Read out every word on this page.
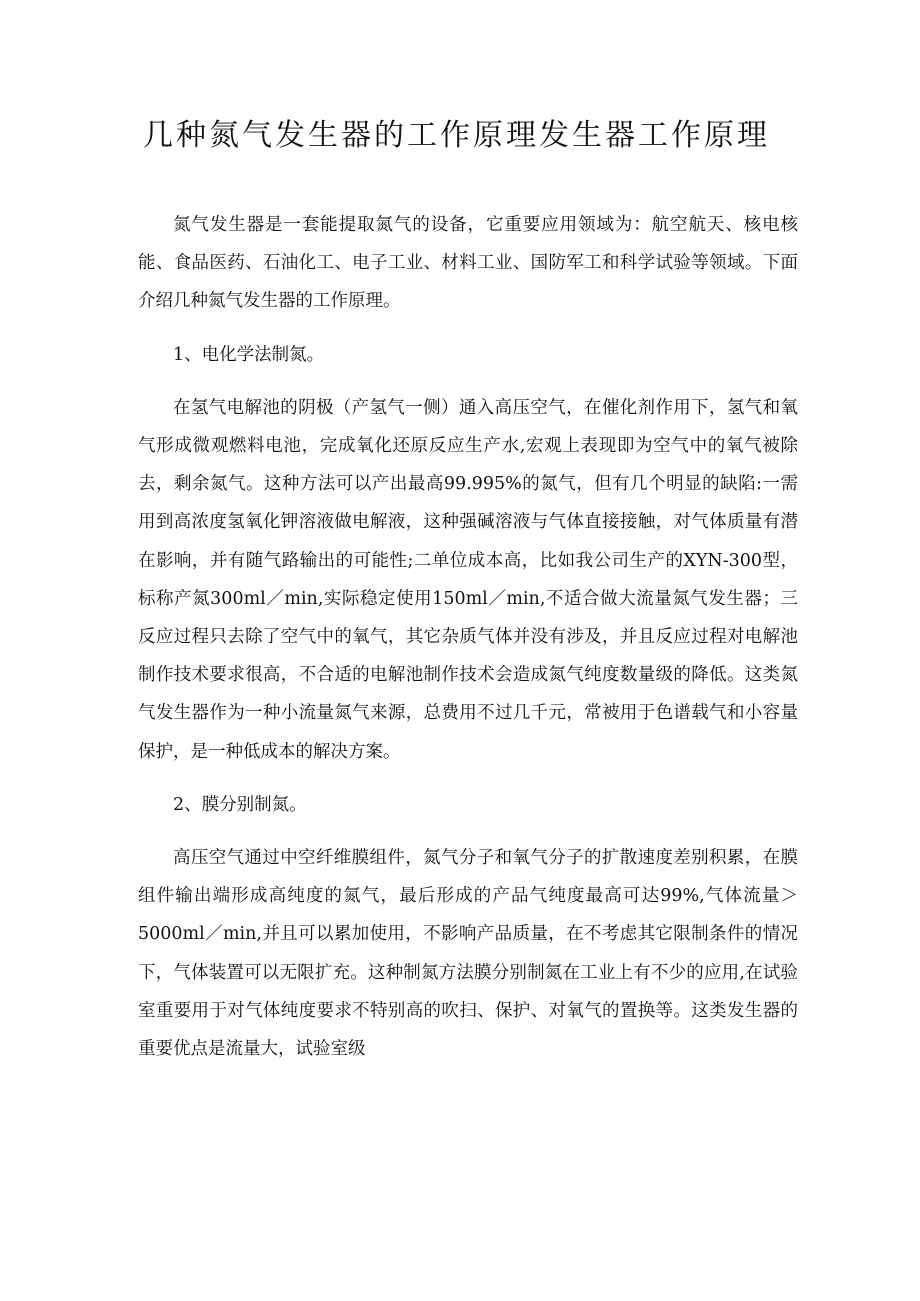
几种氮气发生器的工作原理发生器工作原理

氮气发生器是一套能提取氮气的设备，它重要应用领域为：航空航天、核电核能、食品医药、石油化工、电子工业、材料工业、国防军工和科学试验等领域。下面介绍几种氮气发生器的工作原理。

1、电化学法制氮。

在氢气电解池的阴极（产氢气一侧）通入高压空气，在催化剂作用下，氢气和氧气形成微观燃料电池，完成氧化还原反应生产水,宏观上表现即为空气中的氧气被除去，剩余氮气。这种方法可以产出最高99.995%的氮气，但有几个明显的缺陷:一需用到高浓度氢氧化钾溶液做电解液，这种强碱溶液与气体直接接触，对气体质量有潜在影响，并有随气路输出的可能性;二单位成本高，比如我公司生产的XYN-300型，标称产氮300ml／min,实际稳定使用150ml／min,不适合做大流量氮气发生器；三反应过程只去除了空气中的氧气，其它杂质气体并没有涉及，并且反应过程对电解池制作技术要求很高，不合适的电解池制作技术会造成氮气纯度数量级的降低。这类氮气发生器作为一种小流量氮气来源，总费用不过几千元，常被用于色谱载气和小容量保护，是一种低成本的解决方案。

2、膜分别制氮。

高压空气通过中空纤维膜组件，氮气分子和氧气分子的扩散速度差别积累，在膜组件输出端形成高纯度的氮气，最后形成的产品气纯度最高可达99%,气体流量＞5000ml／min,并且可以累加使用，不影响产品质量，在不考虑其它限制条件的情况下，气体装置可以无限扩充。这种制氮方法膜分别制氮在工业上有不少的应用,在试验室重要用于对气体纯度要求不特别高的吹扫、保护、对氧气的置换等。这类发生器的重要优点是流量大，试验室级
